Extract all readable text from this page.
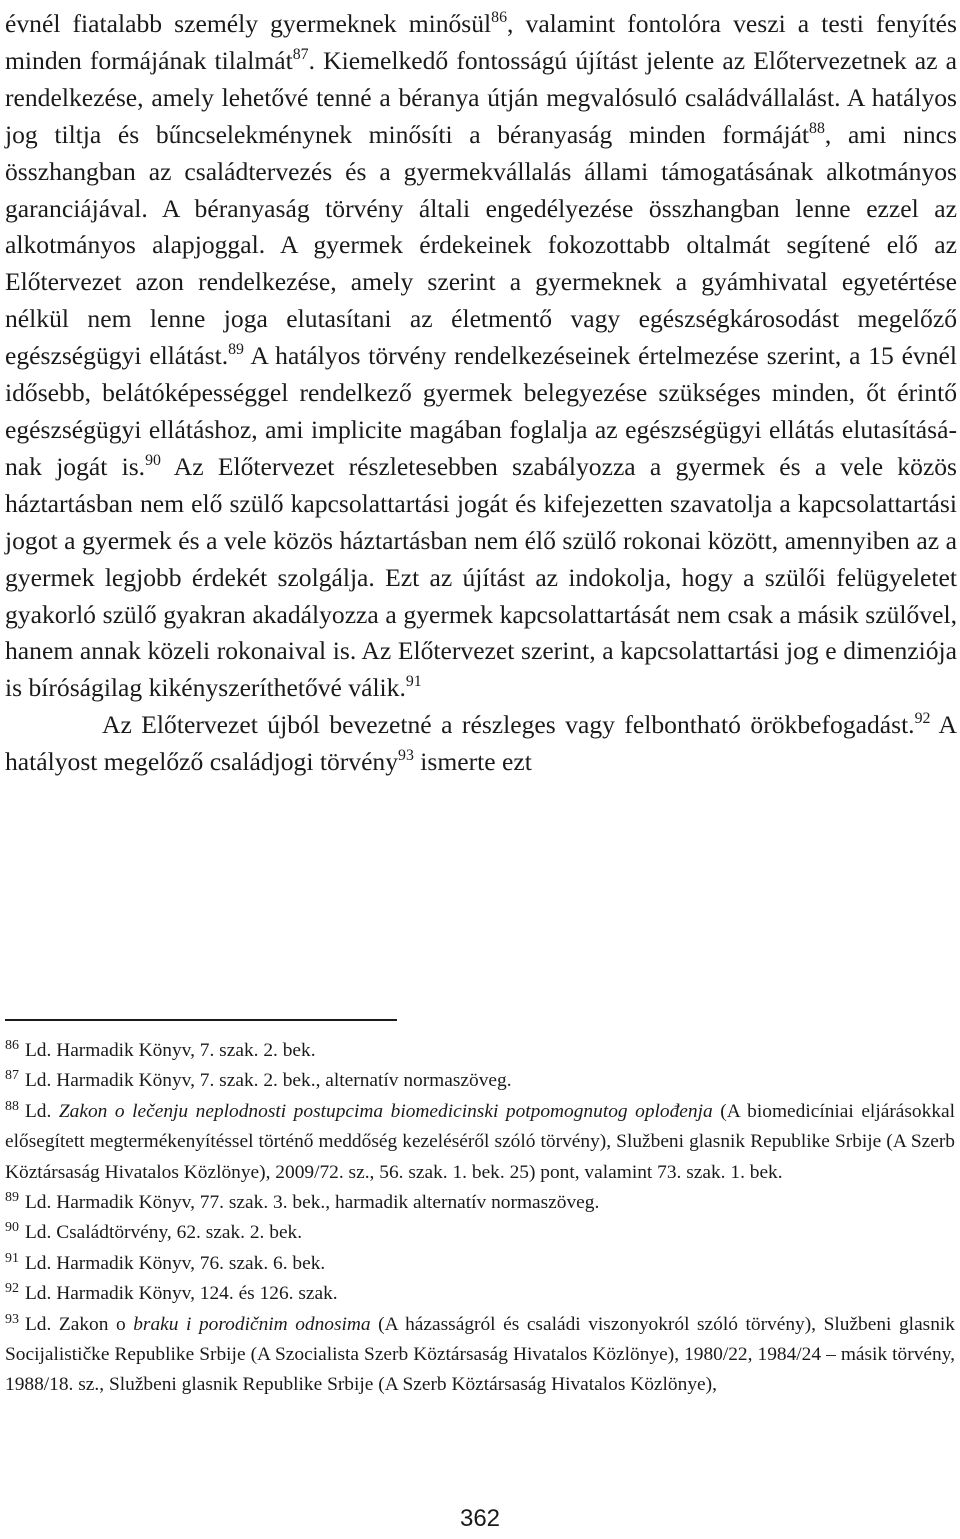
évnél fiatalabb személy gyermeknek minősül$^{86}$, valamint fontolóra veszi a testi fenyítés minden formájának tilalmát$^{87}$. Kiemelkedő fontosságú újítást jelente az Előtervezetnek az a rendelkezése, amely lehetővé tenné a béranya útján megvalósuló családvállalást. A hatályos jog tiltja és bűncselekménynek minősíti a béranyaság minden formáját$^{88}$, ami nincs összhangban az családtervezés és a gyermekvállalás állami támogatásának alkotmányos garanciájával. A béranyaság törvény általi engedélyezése összhangban lenne ezzel az alkotmányos alapjoggal. A gyermek érdekeinek fokozottabb oltalmát segítené elő az Előtervezet azon rendelkezése, amely szerint a gyermeknek a gyámhivatal egyetértése nélkül nem lenne joga elutasítani az életmentő vagy egészségkárosodást megelőző egészségügyi ellátást.$^{89}$ A hatályos törvény rendelkezéseinek értelmezése szerint, a 15 évnél idősebb, belátóképességgel rendelkező gyermek belegyezése szükséges minden, őt érintő egészségügyi ellátáshoz, ami implicite magában foglalja az egészségügyi ellátás elutasításának jogát is.$^{90}$ Az Előtervezet részletesebben szabályozza a gyermek és a vele közös háztartásban nem elő szülő kapcsolattartási jogát és kifejezetten szavatolja a kapcsolattartási jogot a gyermek és a vele közös háztartásban nem élő szülő rokonai között, amennyiben az a gyermek legjobb érdekét szolgálja. Ezt az újítást az indokolja, hogy a szülői felügyeletet gyakorló szülő gyakran akadályozza a gyermek kapcsolattartását nem csak a másik szülővel, hanem annak közeli rokonaival is. Az Előtervezet szerint, a kapcsolattartási jog e dimenziója is bíróságilag kikényszeríthetővé válik.$^{91}$

Az Előtervezet újból bevezetné a részleges vagy felbontható örökbefogadást.$^{92}$ A hatályost megelőző családjogi törvény$^{93}$ ismerte ezt

$^{86}$ Ld. Harmadik Könyv, 7. szak. 2. bek.

$^{87}$ Ld. Harmadik Könyv, 7. szak. 2. bek., alternatív normaszöveg.

$^{88}$ Ld. Zakon o lečenju neplodnosti postupcima biomedicinski potpomognutog oplođenja (A biomedicíniai eljárásokkal elősegített megtermékenyítéssel történő meddőség kezeléséről szóló törvény), Službeni glasnik Republike Srbije (A Szerb Köztársaság Hivatalos Közlönye), 2009/72. sz., 56. szak. 1. bek. 25) pont, valamint 73. szak. 1. bek.

$^{89}$ Ld. Harmadik Könyv, 77. szak. 3. bek., harmadik alternatív normaszöveg.

$^{90}$ Ld. Családtörvény, 62. szak. 2. bek.

$^{91}$ Ld. Harmadik Könyv, 76. szak. 6. bek.

$^{92}$ Ld. Harmadik Könyv, 124. és 126. szak.

$^{93}$ Ld. Zakon o braku i porodičnim odnosima (A házasságról és családi viszonyokról szóló törvény), Službeni glasnik Socijalističke Republike Srbije (A Szocialista Szerb Köztársaság Hivatalos Közlönye), 1980/22, 1984/24 – másik törvény, 1988/18. sz., Službeni glasnik Republike Srbije (A Szerb Köztársaság Hivatalos Közlönye),

362
